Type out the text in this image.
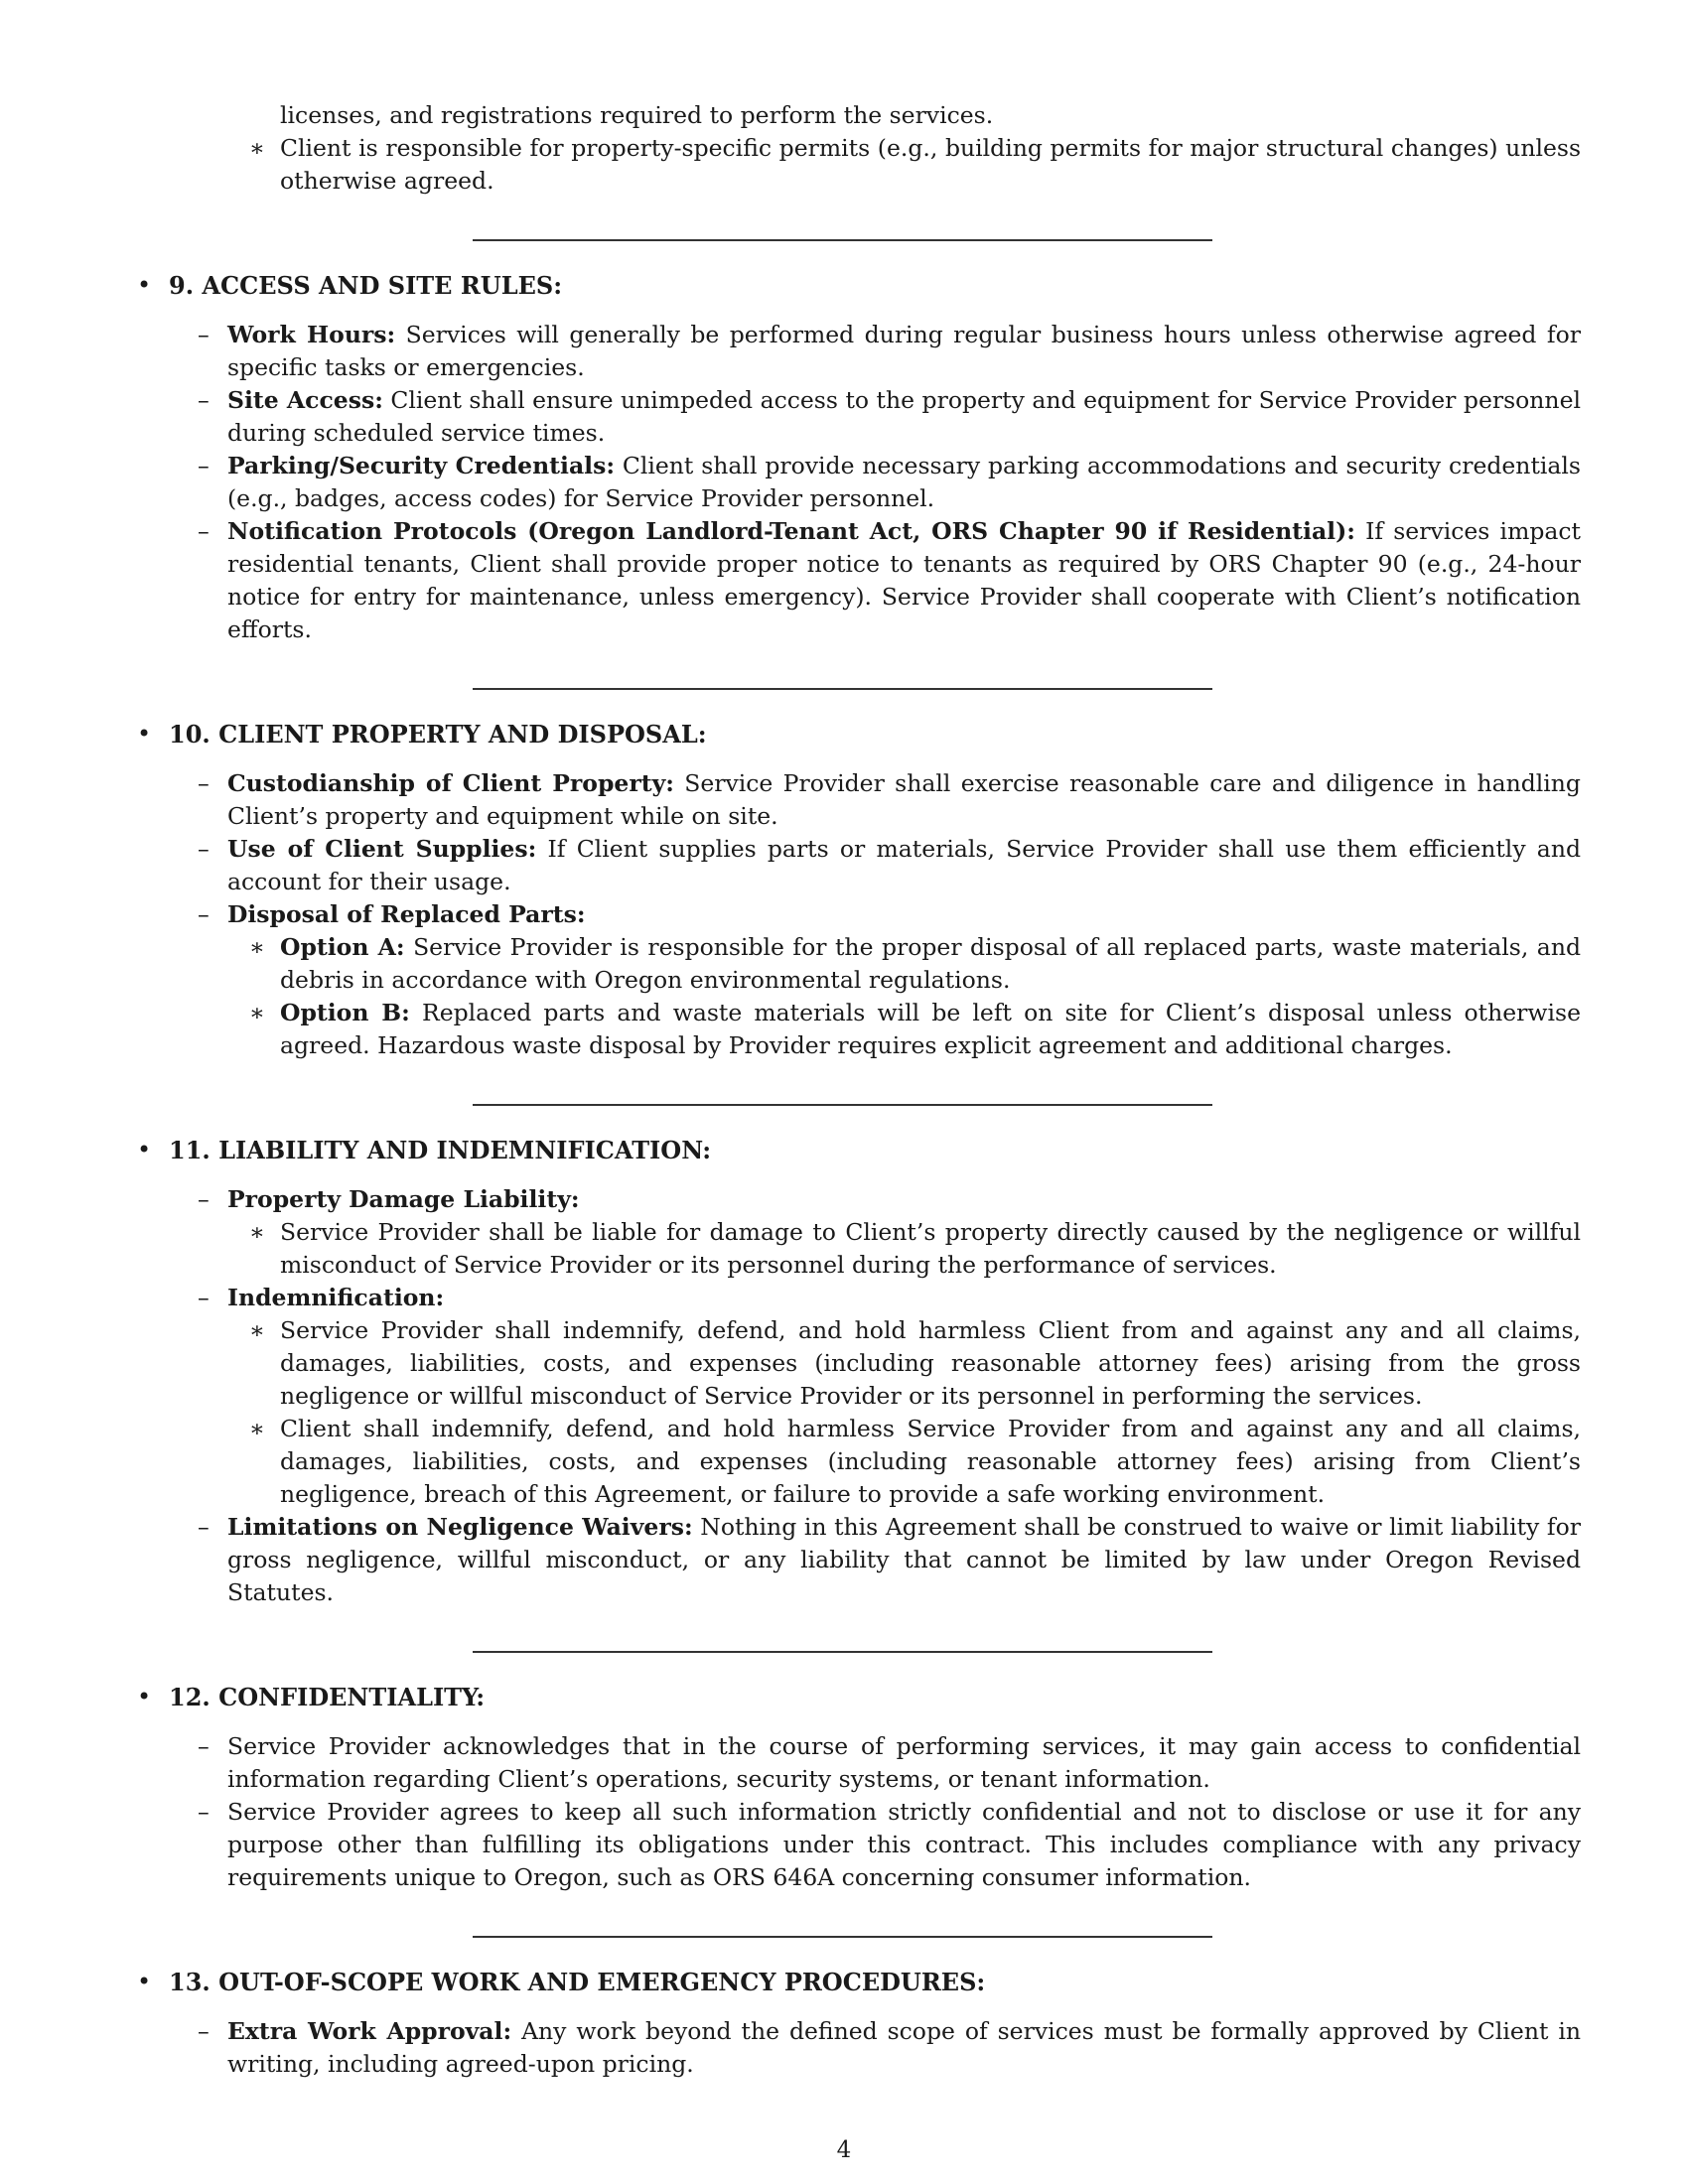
licenses, and registrations required to perform the services.
∗ Client is responsible for property-specific permits (e.g., building permits for major structural changes) unless otherwise agreed.
• 9. ACCESS AND SITE RULES:
– Work Hours: Services will generally be performed during regular business hours unless otherwise agreed for specific tasks or emergencies.
– Site Access: Client shall ensure unimpeded access to the property and equipment for Service Provider personnel during scheduled service times.
– Parking/Security Credentials: Client shall provide necessary parking accommodations and security credentials (e.g., badges, access codes) for Service Provider personnel.
– Notification Protocols (Oregon Landlord-Tenant Act, ORS Chapter 90 if Residential): If services impact residential tenants, Client shall provide proper notice to tenants as required by ORS Chapter 90 (e.g., 24-hour notice for entry for maintenance, unless emergency). Service Provider shall cooperate with Client’s notification efforts.
• 10. CLIENT PROPERTY AND DISPOSAL:
– Custodianship of Client Property: Service Provider shall exercise reasonable care and diligence in handling Client’s property and equipment while on site.
– Use of Client Supplies: If Client supplies parts or materials, Service Provider shall use them efficiently and account for their usage.
– Disposal of Replaced Parts:
∗ Option A: Service Provider is responsible for the proper disposal of all replaced parts, waste materials, and debris in accordance with Oregon environmental regulations.
∗ Option B: Replaced parts and waste materials will be left on site for Client’s disposal unless otherwise agreed. Hazardous waste disposal by Provider requires explicit agreement and additional charges.
• 11. LIABILITY AND INDEMNIFICATION:
– Property Damage Liability:
∗ Service Provider shall be liable for damage to Client’s property directly caused by the negligence or willful misconduct of Service Provider or its personnel during the performance of services.
– Indemnification:
∗ Service Provider shall indemnify, defend, and hold harmless Client from and against any and all claims, damages, liabilities, costs, and expenses (including reasonable attorney fees) arising from the gross negligence or willful misconduct of Service Provider or its personnel in performing the services.
∗ Client shall indemnify, defend, and hold harmless Service Provider from and against any and all claims, damages, liabilities, costs, and expenses (including reasonable attorney fees) arising from Client’s negligence, breach of this Agreement, or failure to provide a safe working environment.
– Limitations on Negligence Waivers: Nothing in this Agreement shall be construed to waive or limit liability for gross negligence, willful misconduct, or any liability that cannot be limited by law under Oregon Revised Statutes.
• 12. CONFIDENTIALITY:
– Service Provider acknowledges that in the course of performing services, it may gain access to confidential information regarding Client’s operations, security systems, or tenant information.
– Service Provider agrees to keep all such information strictly confidential and not to disclose or use it for any purpose other than fulfilling its obligations under this contract. This includes compliance with any privacy requirements unique to Oregon, such as ORS 646A concerning consumer information.
• 13. OUT-OF-SCOPE WORK AND EMERGENCY PROCEDURES:
– Extra Work Approval: Any work beyond the defined scope of services must be formally approved by Client in writing, including agreed-upon pricing.
4
